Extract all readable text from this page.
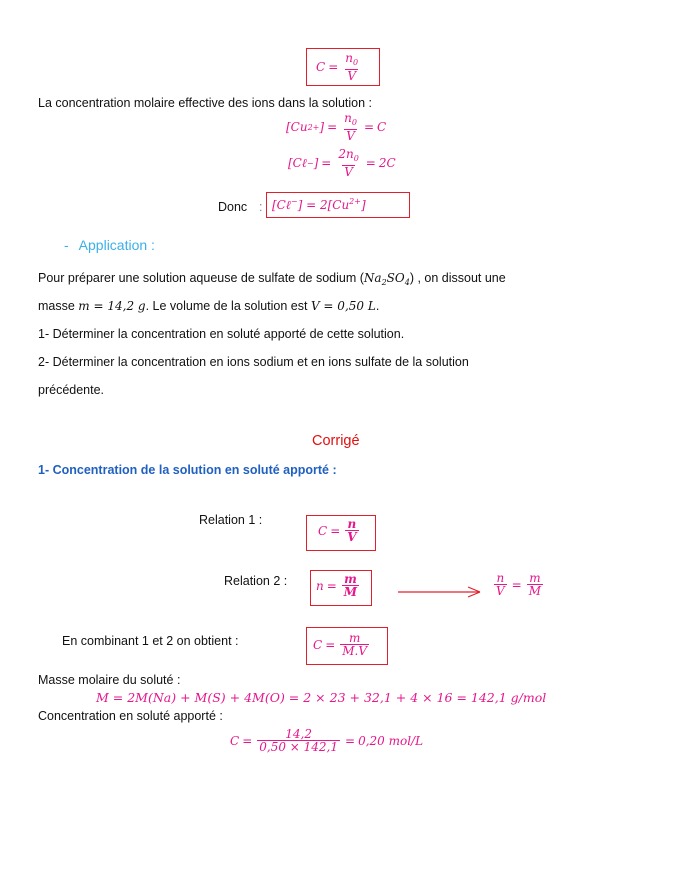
$C = \frac{n_0}{V}$
La concentration molaire effective des ions dans la solution :
[Cu 2+ ] = $\frac{n_0}{V} = C$
[Cℓ − ] = $\frac{2n_0}{V} = 2C$
Donc : [Cℓ−] = $2[Cu^{2+}]$
- Application :
Pour préparer une solution aqueuse de sulfate de sodium $(Na_2SO_4)$ , on dissout une
masse m = 14,2 g. Le volume de la solution est V = 0,50 L.
1- Déterminer la concentration en soluté apporté de cette solution.
2- Déterminer la concentration en ions sodium et en ions sulfate de la solution
précédente.
Corrigé
1- Concentration de la solution en soluté apporté :
Relation 1 :
$C = \frac{n}{V}$
Relation 2 : $n = \frac{m}{M}$	$\frac{n}{V} = \frac{m}{M}$
En combinant 1 et 2 on obtient :	$C = \frac{m}{M.V}$
Masse molaire du soluté :
M = 2M(Na) + M(S) + 4M(O) = 2 × 23 + 32,1 + 4 × 16 = 142,1 g/mol
Concentration en soluté apporté :
$C = \frac{14,2}{0,50 \times 142,1} = 0,20$ mol/L
